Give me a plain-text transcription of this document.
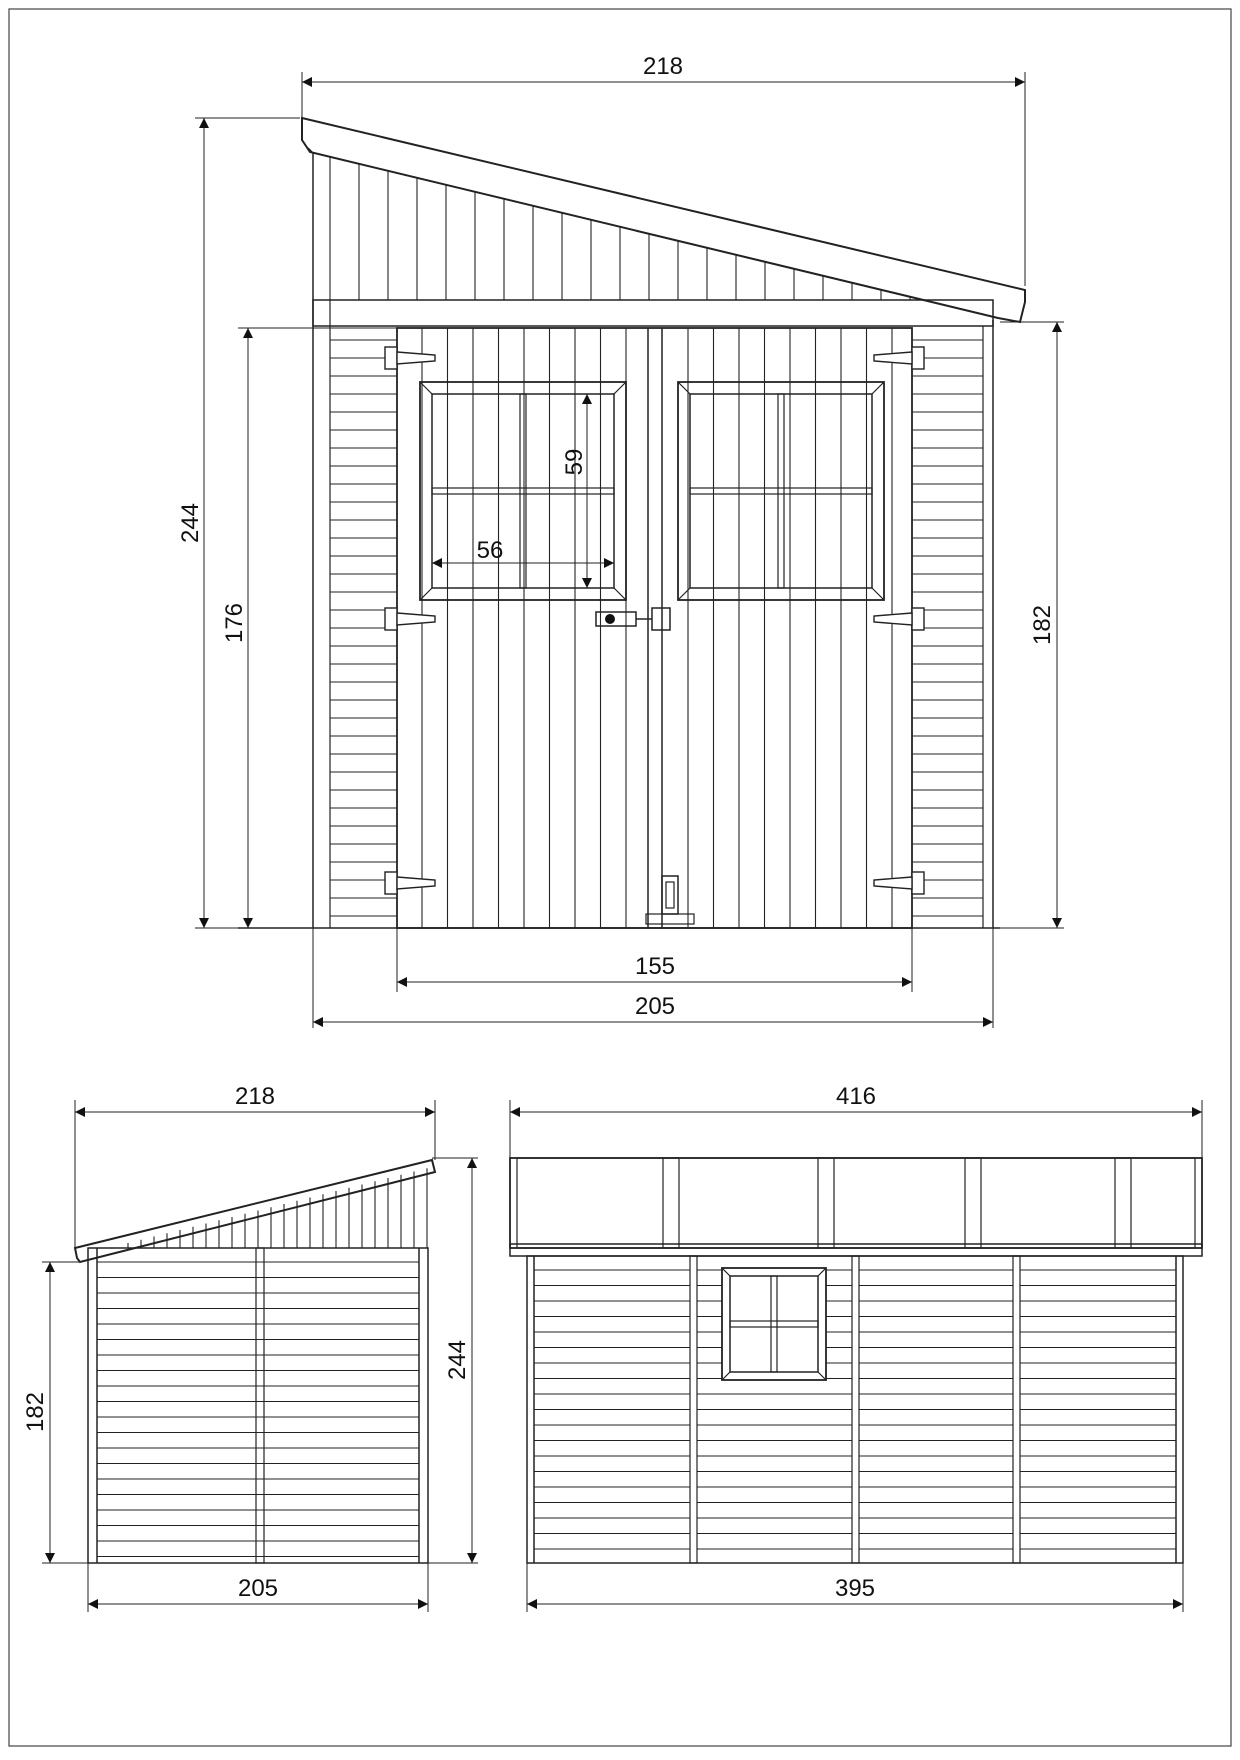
218
244
176	182
59
56
155
205
218
182
244
205
416
395
